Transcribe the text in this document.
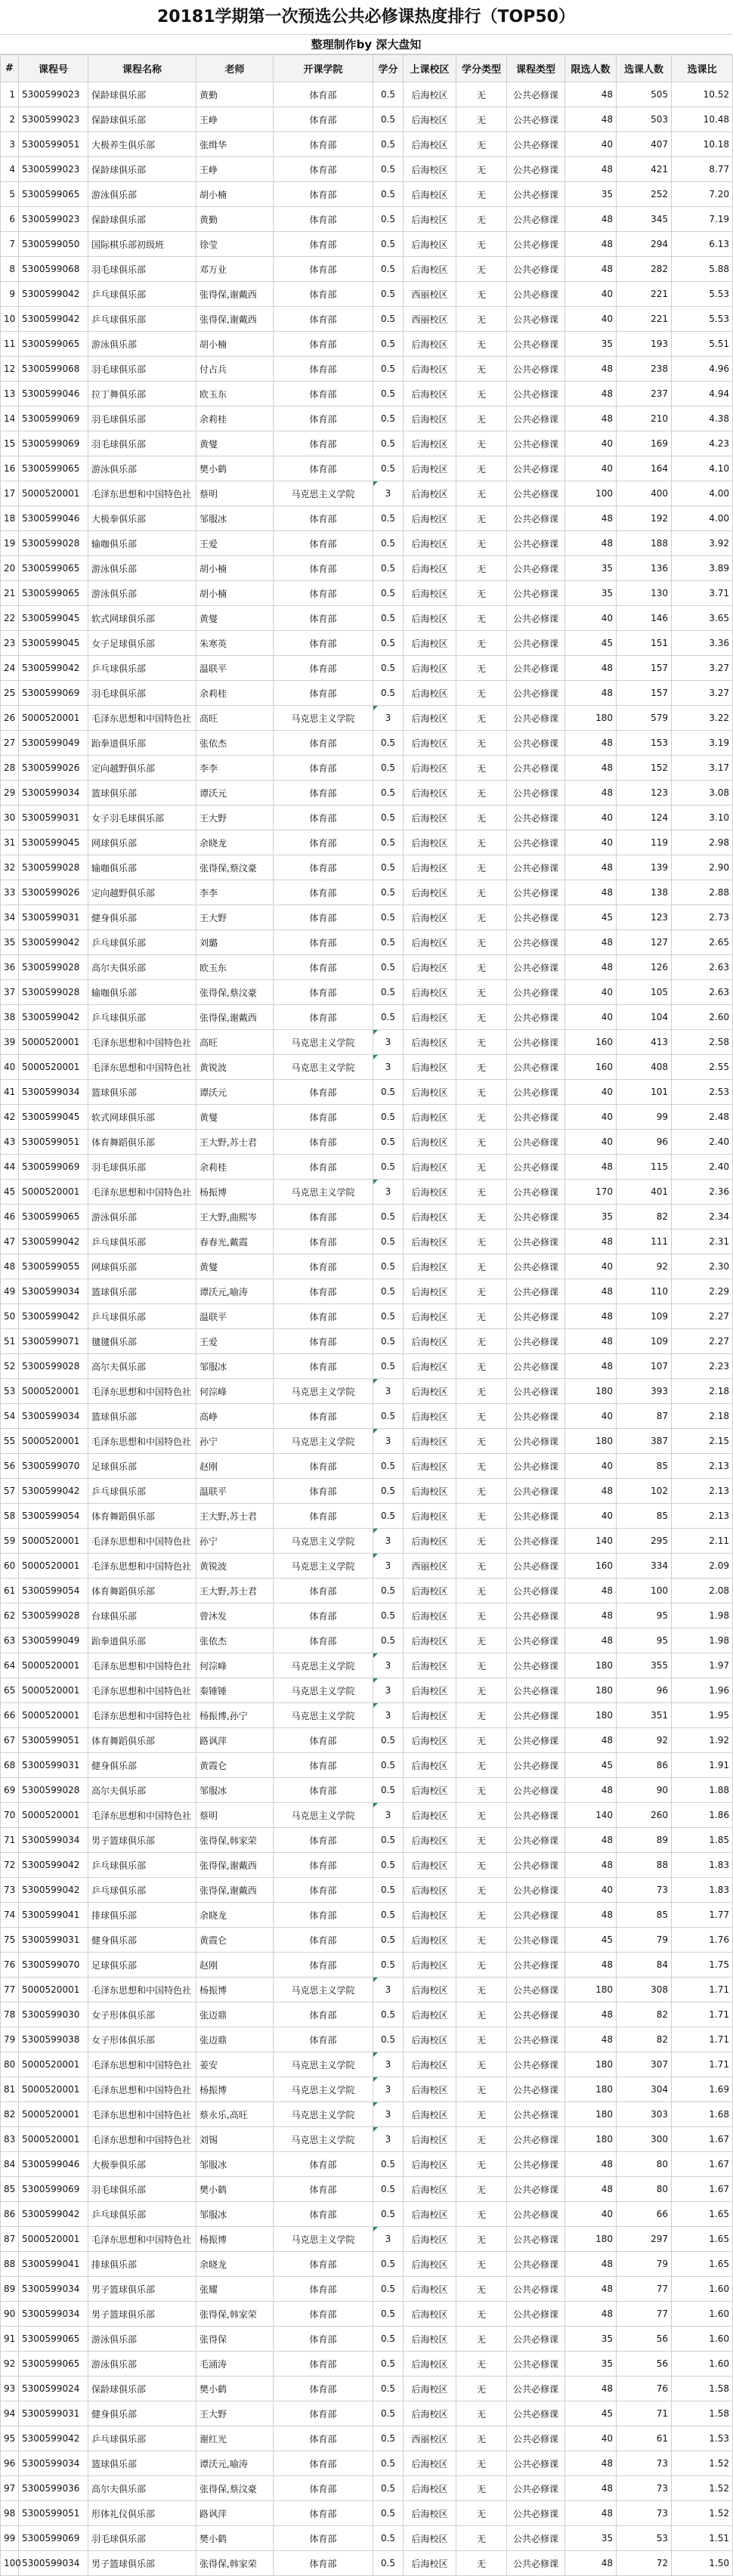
20181学期第一次预选公共必修课热度排行（TOP50）
整理制作by 深大盘知
#	课程号	课程名称	老师	开课学院	学分	上课校区	学分类型	课程类型	限选人数	选课人数	选课比
1	5300599023	保龄球俱乐部	黄勤	体育部	0.5	后海校区	无	公共必修课	48	505	10.52
2	5300599023	保龄球俱乐部	王峥	体育部	0.5	后海校区	无	公共必修课	48	503	10.48
3	5300599051	大极养生俱乐部	张缉华	体育部	0.5	后海校区	无	公共必修课	40	407	10.18
4	5300599023	保龄球俱乐部	王峥	体育部	0.5	后海校区	无	公共必修课	48	421	8.77
5	5300599065	游泳俱乐部	胡小楠	体育部	0.5	后海校区	无	公共必修课	35	252	7.20
6	5300599023	保龄球俱乐部	黄勤	体育部	0.5	后海校区	无	公共必修课	48	345	7.19
7	5300599050	国际棋乐部初级班	徐莹	体育部	0.5	后海校区	无	公共必修课	48	294	6.13
8	5300599068	羽毛球俱乐部	邓万业	体育部	0.5	后海校区	无	公共必修课	48	282	5.88
9	5300599042	乒乓球俱乐部	张得保,谢戴西	体育部	0.5	西丽校区	无	公共必修课	40	221	5.53
10	5300599042	乒乓球俱乐部	张得保,谢戴西	体育部	0.5	西丽校区	无	公共必修课	40	221	5.53
11	5300599065	游泳俱乐部	胡小楠	体育部	0.5	后海校区	无	公共必修课	35	193	5.51
12	5300599068	羽毛球俱乐部	付占兵	体育部	0.5	后海校区	无	公共必修课	48	238	4.96
13	5300599046	拉丁舞俱乐部	欧玉东	体育部	0.5	后海校区	无	公共必修课	48	237	4.94
14	5300599069	羽毛球俱乐部	余莉桂	体育部	0.5	后海校区	无	公共必修课	48	210	4.38
15	5300599069	羽毛球俱乐部	黄燮	体育部	0.5	后海校区	无	公共必修课	40	169	4.23
16	5300599065	游泳俱乐部	樊小鹤	体育部	0.5	后海校区	无	公共必修课	40	164	4.10
17	5000520001	毛泽东思想和中国特色社	蔡明	马克思主义学院	3	后海校区	无	公共必修课	100	400	4.00
18	5300599046	大极拳俱乐部	邹服冰	体育部	0.5	后海校区	无	公共必修课	48	192	4.00
19	5300599028	输咖俱乐部	王爱	体育部	0.5	后海校区	无	公共必修课	48	188	3.92
20	5300599065	游泳俱乐部	胡小楠	体育部	0.5	后海校区	无	公共必修课	35	136	3.89
21	5300599065	游泳俱乐部	胡小楠	体育部	0.5	后海校区	无	公共必修课	35	130	3.71
22	5300599045	软式网球俱乐部	黄燮	体育部	0.5	后海校区	无	公共必修课	40	146	3.65
23	5300599045	女子足球俱乐部	朱寒英	体育部	0.5	后海校区	无	公共必修课	45	151	3.36
24	5300599042	乒乓球俱乐部	温联平	体育部	0.5	后海校区	无	公共必修课	48	157	3.27
25	5300599069	羽毛球俱乐部	余莉桂	体育部	0.5	后海校区	无	公共必修课	48	157	3.27
26	5000520001	毛泽东思想和中国特色社	高旺	马克思主义学院	3	后海校区	无	公共必修课	180	579	3.22
27	5300599049	跆拳道俱乐部	张依杰	体育部	0.5	后海校区	无	公共必修课	48	153	3.19
28	5300599026	定向越野俱乐部	李李	体育部	0.5	后海校区	无	公共必修课	48	152	3.17
29	5300599034	篮球俱乐部	谭沃元	体育部	0.5	后海校区	无	公共必修课	48	123	3.08
30	5300599031	女子羽毛球俱乐部	王大野	体育部	0.5	后海校区	无	公共必修课	40	124	3.10
31	5300599045	网球俱乐部	余晓龙	体育部	0.5	后海校区	无	公共必修课	40	119	2.98
32	5300599028	输咖俱乐部	张得保,蔡汶豪	体育部	0.5	后海校区	无	公共必修课	48	139	2.90
33	5300599026	定向越野俱乐部	李李	体育部	0.5	后海校区	无	公共必修课	48	138	2.88
34	5300599031	健身俱乐部	王大野	体育部	0.5	后海校区	无	公共必修课	45	123	2.73
35	5300599042	乒乓球俱乐部	刘璐	体育部	0.5	后海校区	无	公共必修课	48	127	2.65
36	5300599028	高尔夫俱乐部	欧玉东	体育部	0.5	后海校区	无	公共必修课	48	126	2.63
37	5300599028	输咖俱乐部	张得保,蔡汶豪	体育部	0.5	后海校区	无	公共必修课	40	105	2.63
38	5300599042	乒乓球俱乐部	张得保,谢戴西	体育部	0.5	后海校区	无	公共必修课	40	104	2.60
39	5000520001	毛泽东思想和中国特色社	高旺	马克思主义学院	3	后海校区	无	公共必修课	160	413	2.58
40	5000520001	毛泽东思想和中国特色社	黄锐波	马克思主义学院	3	后海校区	无	公共必修课	160	408	2.55
41	5300599034	篮球俱乐部	谭沃元	体育部	0.5	后海校区	无	公共必修课	40	101	2.53
42	5300599045	软式网球俱乐部	黄燮	体育部	0.5	后海校区	无	公共必修课	40	99	2.48
43	5300599051	体育舞蹈俱乐部	王大野,苏士君	体育部	0.5	后海校区	无	公共必修课	40	96	2.40
44	5300599069	羽毛球俱乐部	余莉桂	体育部	0.5	后海校区	无	公共必修课	48	115	2.40
45	5000520001	毛泽东思想和中国特色社	杨振博	马克思主义学院	3	后海校区	无	公共必修课	170	401	2.36
46	5300599065	游泳俱乐部	王大野,曲熙岑	体育部	0.5	后海校区	无	公共必修课	35	82	2.34
47	5300599042	乒乓球俱乐部	春春光,戴霞	体育部	0.5	后海校区	无	公共必修课	48	111	2.31
48	5300599055	网球俱乐部	黄燮	体育部	0.5	后海校区	无	公共必修课	40	92	2.30
49	5300599034	篮球俱乐部	谭沃元,喻涛	体育部	0.5	后海校区	无	公共必修课	48	110	2.29
50	5300599042	乒乓球俱乐部	温联平	体育部	0.5	后海校区	无	公共必修课	48	109	2.27
51	5300599071	毽毽俱乐部	王爱	体育部	0.5	后海校区	无	公共必修课	48	109	2.27
52	5300599028	高尔夫俱乐部	邹服冰	体育部	0.5	后海校区	无	公共必修课	48	107	2.23
53	5000520001	毛泽东思想和中国特色社	何淙峰	马克思主义学院	3	后海校区	无	公共必修课	180	393	2.18
54	5300599034	篮球俱乐部	高峥	体育部	0.5	后海校区	无	公共必修课	40	87	2.18
55	5000520001	毛泽东思想和中国特色社	孙宁	马克思主义学院	3	后海校区	无	公共必修课	180	387	2.15
56	5300599070	足球俱乐部	赵刚	体育部	0.5	后海校区	无	公共必修课	40	85	2.13
57	5300599042	乒乓球俱乐部	温联平	体育部	0.5	后海校区	无	公共必修课	48	102	2.13
58	5300599054	体育舞蹈俱乐部	王大野,苏士君	体育部	0.5	后海校区	无	公共必修课	40	85	2.13
59	5000520001	毛泽东思想和中国特色社	孙宁	马克思主义学院	3	后海校区	无	公共必修课	140	295	2.11
60	5000520001	毛泽东思想和中国特色社	黄锐波	马克思主义学院	3	西丽校区	无	公共必修课	160	334	2.09
61	5300599054	体育舞蹈俱乐部	王大野,苏士君	体育部	0.5	后海校区	无	公共必修课	48	100	2.08
62	5300599028	台球俱乐部	曾沐发	体育部	0.5	后海校区	无	公共必修课	48	95	1.98
63	5300599049	跆拳道俱乐部	张依杰	体育部	0.5	后海校区	无	公共必修课	48	95	1.98
64	5000520001	毛泽东思想和中国特色社	何淙峰	马克思主义学院	3	后海校区	无	公共必修课	180	355	1.97
65	5000520001	毛泽东思想和中国特色社	秦锤锤	马克思主义学院	3	后海校区	无	公共必修课	180	96	1.96
66	5000520001	毛泽东思想和中国特色社	杨振博,孙宁	马克思主义学院	3	后海校区	无	公共必修课	180	351	1.95
67	5300599051	体育舞蹈俱乐部	路讽萍	体育部	0.5	后海校区	无	公共必修课	48	92	1.92
68	5300599031	健身俱乐部	黄霞仑	体育部	0.5	后海校区	无	公共必修课	45	86	1.91
69	5300599028	高尔夫俱乐部	邹服冰	体育部	0.5	后海校区	无	公共必修课	48	90	1.88
70	5000520001	毛泽东思想和中国特色社	蔡明	马克思主义学院	3	后海校区	无	公共必修课	140	260	1.86
71	5300599034	男子篮球俱乐部	张得保,韩家荣	体育部	0.5	后海校区	无	公共必修课	48	89	1.85
72	5300599042	乒乓球俱乐部	张得保,谢戴西	体育部	0.5	后海校区	无	公共必修课	48	88	1.83
73	5300599042	乒乓球俱乐部	张得保,谢戴西	体育部	0.5	后海校区	无	公共必修课	40	73	1.83
74	5300599041	排球俱乐部	余晓龙	体育部	0.5	后海校区	无	公共必修课	48	85	1.77
75	5300599031	健身俱乐部	黄霞仑	体育部	0.5	后海校区	无	公共必修课	45	79	1.76
76	5300599070	足球俱乐部	赵刚	体育部	0.5	后海校区	无	公共必修课	48	84	1.75
77	5000520001	毛泽东思想和中国特色社	杨振博	马克思主义学院	3	后海校区	无	公共必修课	180	308	1.71
78	5300599030	女子形体俱乐部	张迈鼎	体育部	0.5	后海校区	无	公共必修课	48	82	1.71
79	5300599038	女子形体俱乐部	张迈鼎	体育部	0.5	后海校区	无	公共必修课	48	82	1.71
80	5000520001	毛泽东思想和中国特色社	姜安	马克思主义学院	3	后海校区	无	公共必修课	180	307	1.71
81	5000520001	毛泽东思想和中国特色社	杨振博	马克思主义学院	3	后海校区	无	公共必修课	180	304	1.69
82	5000520001	毛泽东思想和中国特色社	蔡永乐,高旺	马克思主义学院	3	后海校区	无	公共必修课	180	303	1.68
83	5000520001	毛泽东思想和中国特色社	刘锡	马克思主义学院	3	后海校区	无	公共必修课	180	300	1.67
84	5300599046	大极拳俱乐部	邹服冰	体育部	0.5	后海校区	无	公共必修课	48	80	1.67
85	5300599069	羽毛球俱乐部	樊小鹤	体育部	0.5	后海校区	无	公共必修课	48	80	1.67
86	5300599042	乒乓球俱乐部	邹服冰	体育部	0.5	后海校区	无	公共必修课	40	66	1.65
87	5000520001	毛泽东思想和中国特色社	杨振博	马克思主义学院	3	后海校区	无	公共必修课	180	297	1.65
88	5300599041	排球俱乐部	余晓龙	体育部	0.5	后海校区	无	公共必修课	48	79	1.65
89	5300599034	男子篮球俱乐部	张耀	体育部	0.5	后海校区	无	公共必修课	48	77	1.60
90	5300599034	男子篮球俱乐部	张得保,韩家荣	体育部	0.5	后海校区	无	公共必修课	48	77	1.60
91	5300599065	游泳俱乐部	张得保	体育部	0.5	后海校区	无	公共必修课	35	56	1.60
92	5300599065	游泳俱乐部	毛涌涛	体育部	0.5	后海校区	无	公共必修课	35	56	1.60
93	5300599024	保龄球俱乐部	樊小鹤	体育部	0.5	后海校区	无	公共必修课	48	76	1.58
94	5300599031	健身俱乐部	王大野	体育部	0.5	后海校区	无	公共必修课	45	71	1.58
95	5300599042	乒乓球俱乐部	谢红光	体育部	0.5	西丽校区	无	公共必修课	40	61	1.53
96	5300599034	篮球俱乐部	谭沃元,喻涛	体育部	0.5	后海校区	无	公共必修课	48	73	1.52
97	5300599036	高尔夫俱乐部	张得保,蔡汶豪	体育部	0.5	后海校区	无	公共必修课	48	73	1.52
98	5300599051	形体礼仪俱乐部	路讽萍	体育部	0.5	后海校区	无	公共必修课	48	73	1.52
99	5300599069	羽毛球俱乐部	樊小鹤	体育部	0.5	后海校区	无	公共必修课	35	53	1.51
100	5300599034	男子篮球俱乐部	张得保,韩家荣	体育部	0.5	后海校区	无	公共必修课	48	72	1.50
